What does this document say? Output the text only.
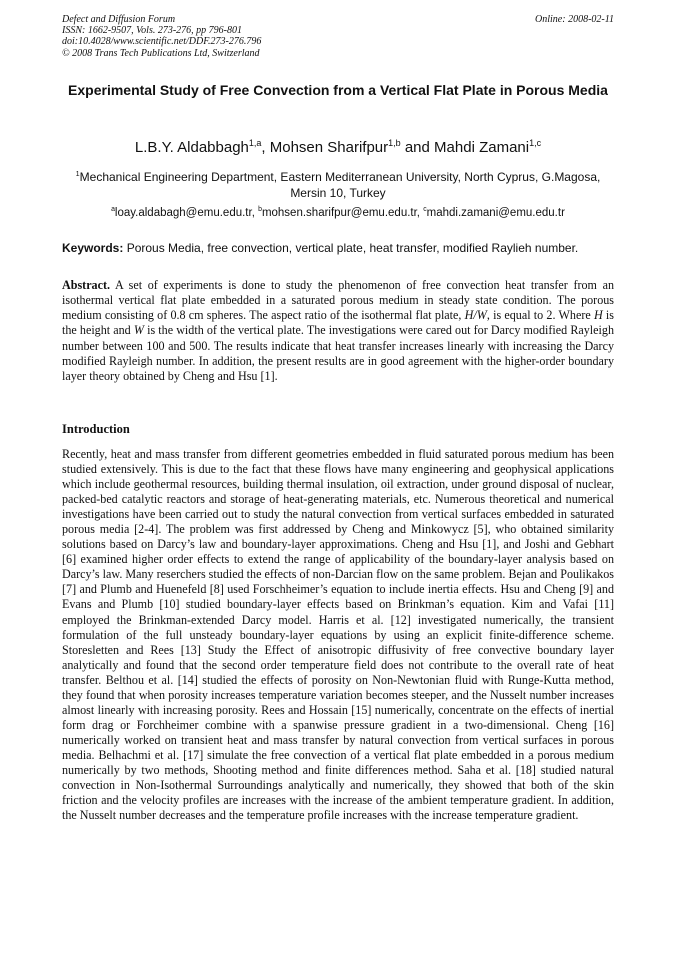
Defect and Diffusion Forum
ISSN: 1662-9507, Vols. 273-276, pp 796-801
doi:10.4028/www.scientific.net/DDF.273-276.796
© 2008 Trans Tech Publications Ltd, Switzerland
Online: 2008-02-11
Experimental Study of Free Convection from a Vertical Flat Plate in Porous Media
L.B.Y. Aldabbagh$^{1,a}$, Mohsen Sharifpur$^{1,b}$ and Mahdi Zamani$^{1,c}$
$^1$Mechanical Engineering Department, Eastern Mediterranean University, North Cyprus, G.Magosa, Mersin 10, Turkey
$^a$loay.aldabagh@emu.edu.tr, $^b$mohsen.sharifpur@emu.edu.tr, $^c$mahdi.zamani@emu.edu.tr
Keywords: Porous Media, free convection, vertical plate, heat transfer, modified Raylieh number.
Abstract. A set of experiments is done to study the phenomenon of free convection heat transfer from an isothermal vertical flat plate embedded in a saturated porous medium in steady state condition. The porous medium consisting of 0.8 cm spheres. The aspect ratio of the isothermal flat plate, H/W, is equal to 2. Where H is the height and W is the width of the vertical plate. The investigations were cared out for Darcy modified Rayleigh number between 100 and 500. The results indicate that heat transfer increases linearly with increasing the Darcy modified Rayleigh number. In addition, the present results are in good agreement with the higher-order boundary layer theory obtained by Cheng and Hsu [1].
Introduction
Recently, heat and mass transfer from different geometries embedded in fluid saturated porous medium has been studied extensively. This is due to the fact that these flows have many engineering and geophysical applications which include geothermal resources, building thermal insulation, oil extraction, under ground disposal of nuclear, packed-bed catalytic reactors and storage of heat-generating materials, etc. Numerous theoretical and numerical investigations have been carried out to study the natural convection from vertical surfaces embedded in saturated porous media [2-4]. The problem was first addressed by Cheng and Minkowycz [5], who obtained similarity solutions based on Darcy’s law and boundary-layer approximations. Cheng and Hsu [1], and Joshi and Gebhart [6] examined higher order effects to extend the range of applicability of the boundary-layer analysis based on Darcy’s law. Many reserchers studied the effects of non-Darcian flow on the same problem. Bejan and Poulikakos [7] and Plumb and Huenefeld [8] used Forschheimer’s equation to include inertia effects. Hsu and Cheng [9] and Evans and Plumb [10] studied boundary-layer effects based on Brinkman’s equation. Kim and Vafai [11] employed the Brinkman-extended Darcy model. Harris et al. [12] investigated numerically, the transient formulation of the full unsteady boundary-layer equations by using an explicit finite-difference scheme. Storesletten and Rees [13] Study the Effect of anisotropic diffusivity of free convective boundary layer analytically and found that the second order temperature field does not contribute to the overall rate of heat transfer. Belthou et al. [14] studied the effects of porosity on Non-Newtonian fluid with Runge-Kutta method, they found that when porosity increases temperature variation becomes steeper, and the Nusselt number increases almost linearly with increasing porosity. Rees and Hossain [15] numerically, concentrate on the effects of inertial form drag or Forchheimer combine with a spanwise pressure gradient in a two-dimensional. Cheng [16] numerically worked on transient heat and mass transfer by natural convection from vertical surfaces in porous media. Belhachmi et al. [17] simulate the free convection of a vertical flat plate embedded in a porous medium numerically by two methods, Shooting method and finite differences method. Saha et al. [18] studied natural convection in Non-Isothermal Surroundings analytically and numerically, they showed that both of the skin friction and the velocity profiles are increases with the increase of the ambient temperature gradient. In addition, the Nusselt number decreases and the temperature profile increases with the increase temperature gradient.
